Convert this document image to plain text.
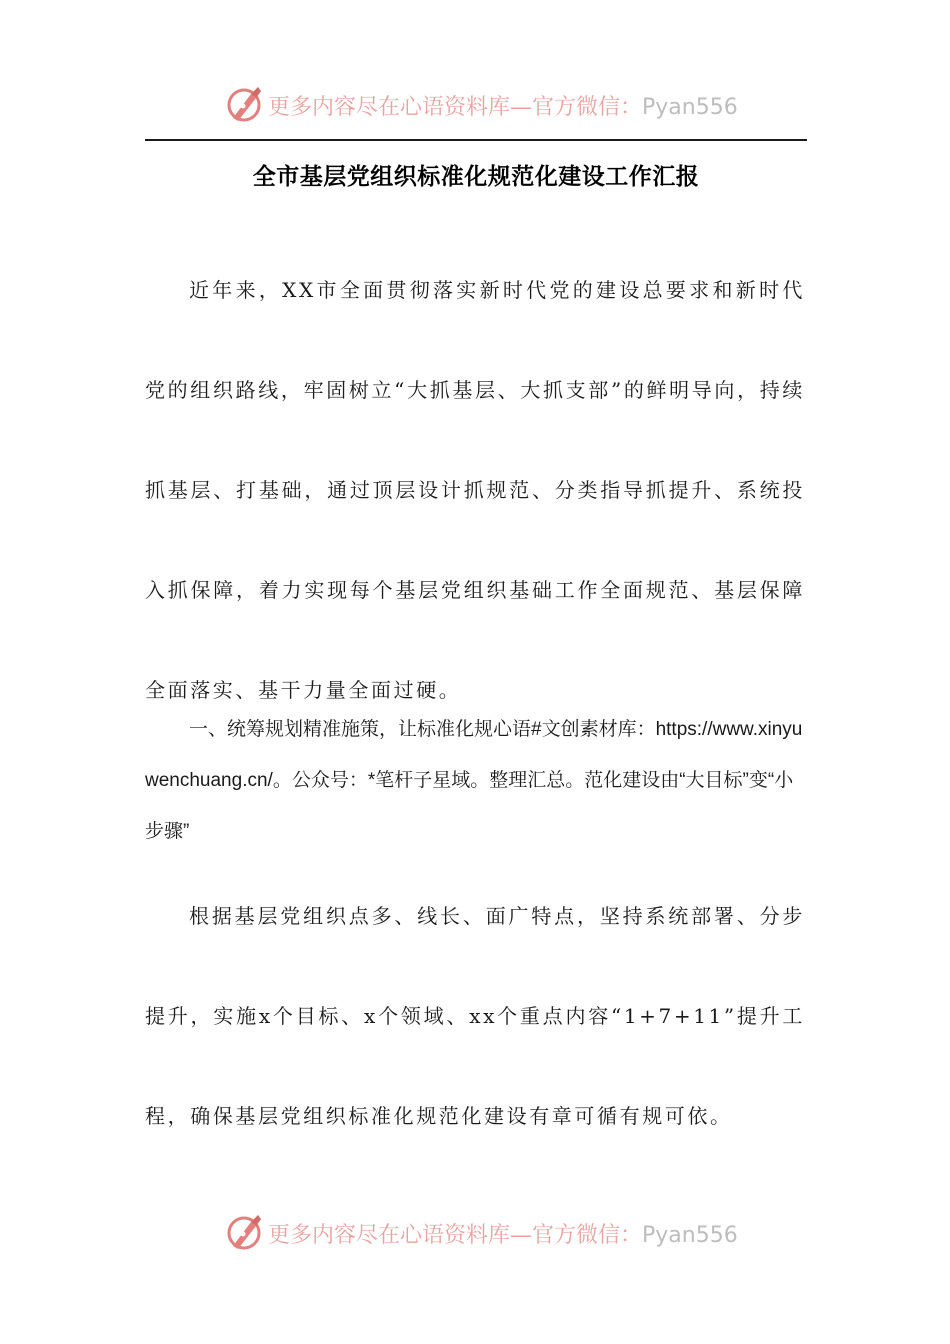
更多内容尽在心语资料库—官方微信：Pyan556
全市基层党组织标准化规范化建设工作汇报

近年来，XX市全面贯彻落实新时代党的建设总要求和新时代党的组织路线，牢固树立“大抓基层、大抓支部”的鲜明导向，持续抓基层、打基础，通过顶层设计抓规范、分类指导抓提升、系统投入抓保障，着力实现每个基层党组织基础工作全面规范、基层保障全面落实、基干力量全面过硬。

一、统筹规划精准施策，让标准化规心语#文创素材库：https://www.xinyuwenchuang.cn/。公众号：*笔杆子星域。整理汇总。范化建设由“大目标”变“小步骤”

根据基层党组织点多、线长、面广特点，坚持系统部署、分步提升，实施x个目标、x个领域、xx个重点内容“1+7+11”提升工程，确保基层党组织标准化规范化建设有章可循有规可依。

更多内容尽在心语资料库—官方微信：Pyan556
